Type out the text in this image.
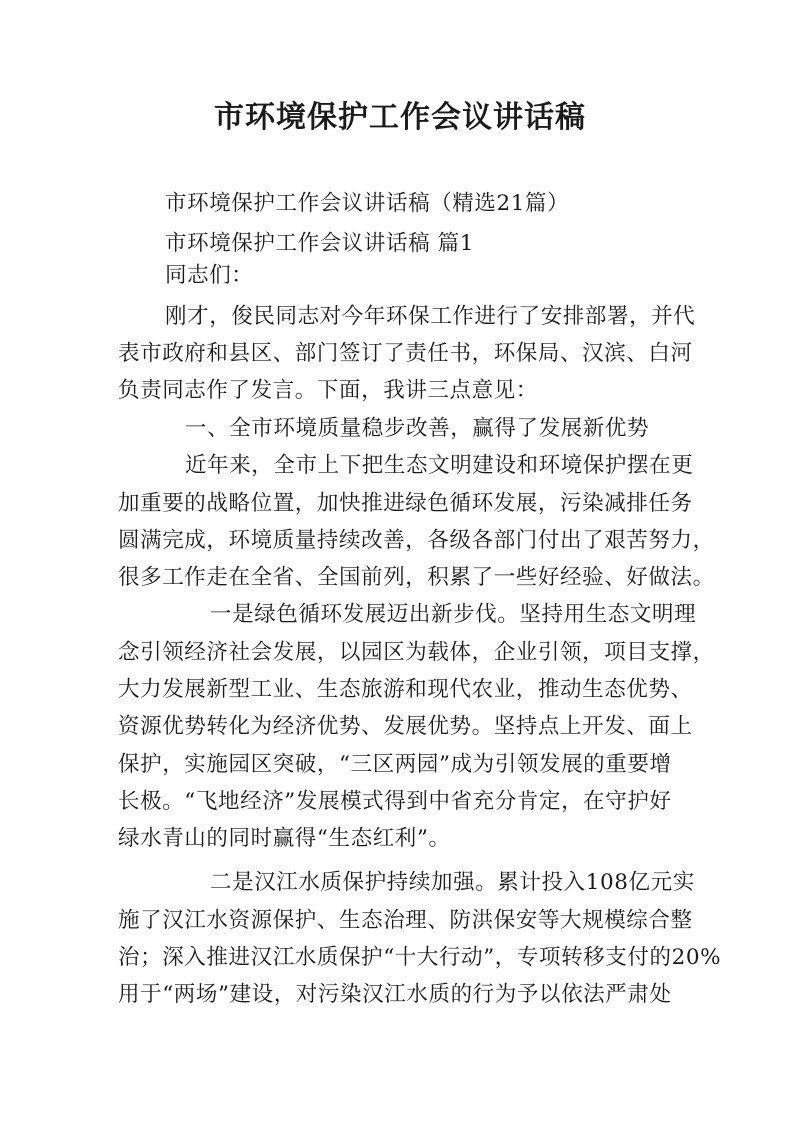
市环境保护工作会议讲话稿
市环境保护工作会议讲话稿（精选21篇）
市环境保护工作会议讲话稿 篇1
同志们：
刚才，俊民同志对今年环保工作进行了安排部署，并代
表市政府和县区、部门签订了责任书，环保局、汉滨、白河
负责同志作了发言。下面，我讲三点意见：
一、全市环境质量稳步改善，赢得了发展新优势
近年来，全市上下把生态文明建设和环境保护摆在更
加重要的战略位置，加快推进绿色循环发展，污染减排任务
圆满完成，环境质量持续改善，各级各部门付出了艰苦努力，
很多工作走在全省、全国前列，积累了一些好经验、好做法。
一是绿色循环发展迈出新步伐。坚持用生态文明理
念引领经济社会发展，以园区为载体，企业引领，项目支撑，
大力发展新型工业、生态旅游和现代农业，推动生态优势、
资源优势转化为经济优势、发展优势。坚持点上开发、面上
保护，实施园区突破，“三区两园”成为引领发展的重要增
长极。“飞地经济”发展模式得到中省充分肯定，在守护好
绿水青山的同时赢得“生态红利”。
二是汉江水质保护持续加强。累计投入108亿元实
施了汉江水资源保护、生态治理、防洪保安等大规模综合整
治；深入推进汉江水质保护“十大行动”，专项转移支付的20%
用于“两场”建设，对污染汉江水质的行为予以依法严肃处
